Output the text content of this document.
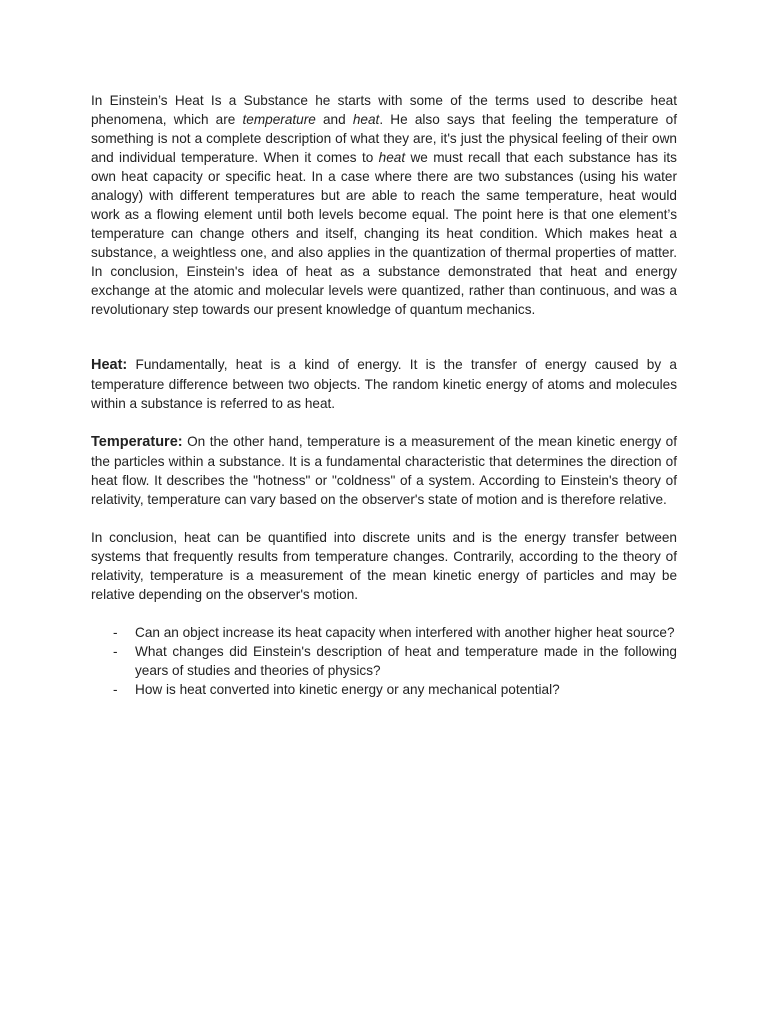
In Einstein’s Heat Is a Substance he starts with some of the terms used to describe heat phenomena, which are temperature and heat. He also says that feeling the temperature of something is not a complete description of what they are, it's just the physical feeling of their own and individual temperature. When it comes to heat we must recall that each substance has its own heat capacity or specific heat. In a case where there are two substances (using his water analogy) with different temperatures but are able to reach the same temperature, heat would work as a flowing element until both levels become equal. The point here is that one element’s temperature can change others and itself, changing its heat condition. Which makes heat a substance, a weightless one, and also applies in the quantization of thermal properties of matter. In conclusion, Einstein's idea of heat as a substance demonstrated that heat and energy exchange at the atomic and molecular levels were quantized, rather than continuous, and was a revolutionary step towards our present knowledge of quantum mechanics.

Heat: Fundamentally, heat is a kind of energy. It is the transfer of energy caused by a temperature difference between two objects. The random kinetic energy of atoms and molecules within a substance is referred to as heat.

Temperature: On the other hand, temperature is a measurement of the mean kinetic energy of the particles within a substance. It is a fundamental characteristic that determines the direction of heat flow. It describes the "hotness" or "coldness" of a system. According to Einstein's theory of relativity, temperature can vary based on the observer's state of motion and is therefore relative.

In conclusion, heat can be quantified into discrete units and is the energy transfer between systems that frequently results from temperature changes. Contrarily, according to the theory of relativity, temperature is a measurement of the mean kinetic energy of particles and may be relative depending on the observer's motion.

- Can an object increase its heat capacity when interfered with another higher heat source?
- What changes did Einstein's description of heat and temperature made in the following years of studies and theories of physics?
- How is heat converted into kinetic energy or any mechanical potential?
